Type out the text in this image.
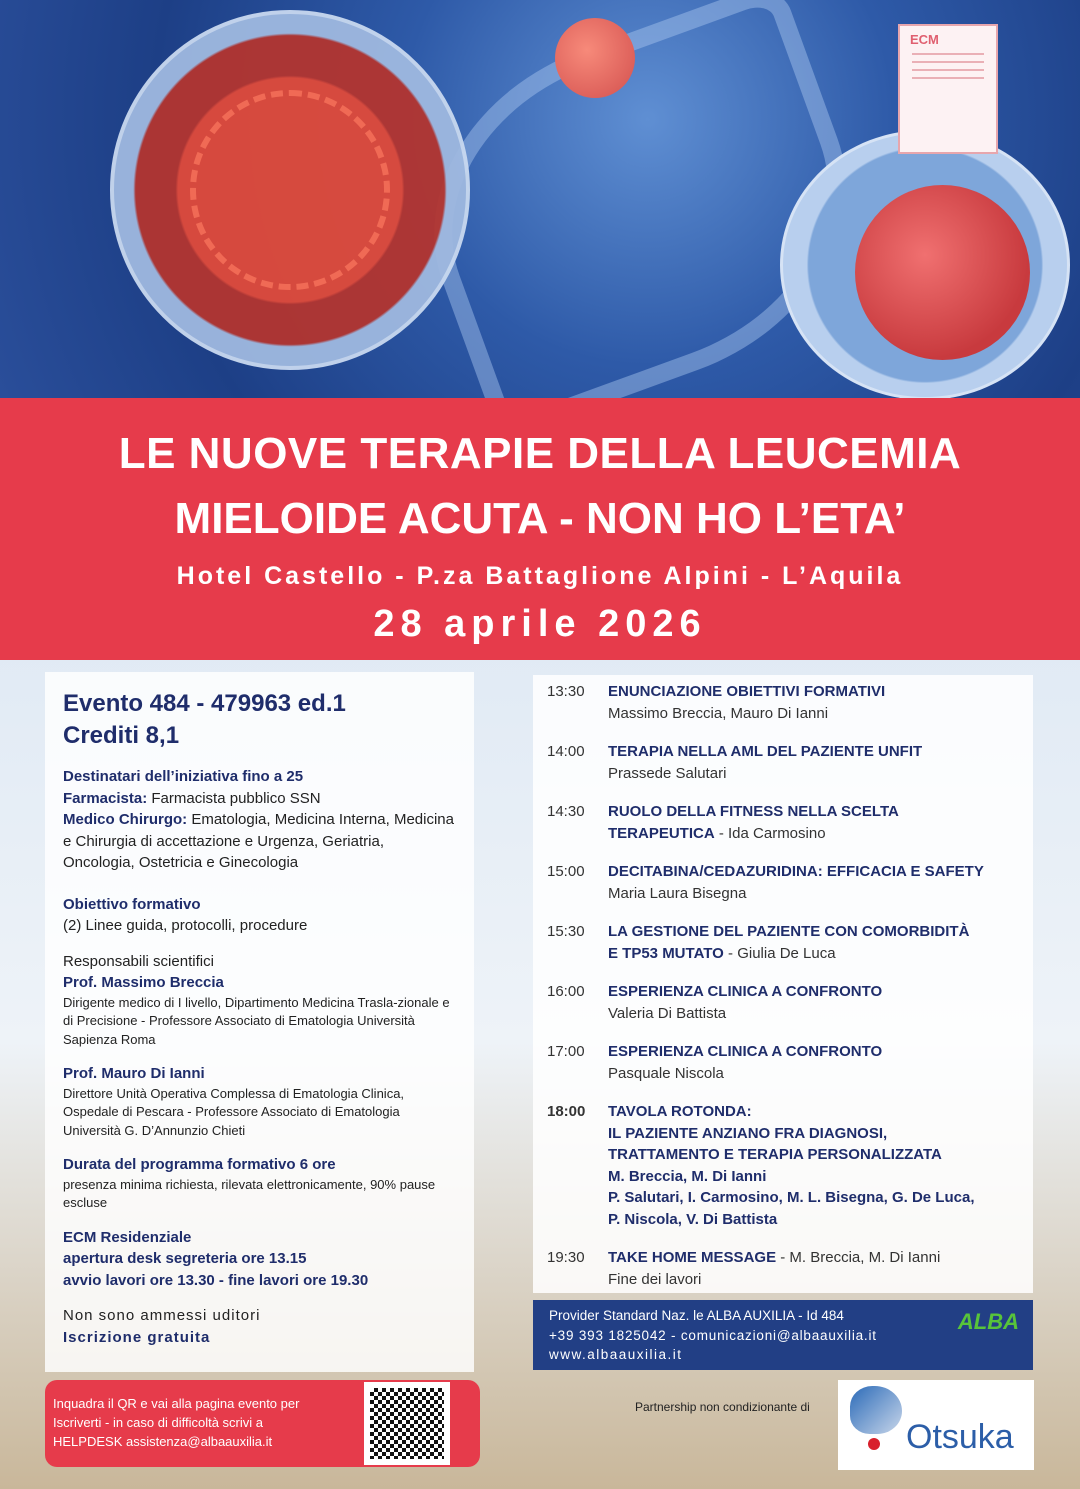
ECM
LE NUOVE TERAPIE DELLA LEUCEMIA
MIELOIDE ACUTA - NON HO L’ETA’
Hotel Castello - P.za Battaglione Alpini - L’Aquila
28 aprile 2026
Evento 484 - 479963 ed.1
Crediti 8,1
Destinatari dell’iniziativa fino a 25
Farmacista: Farmacista pubblico SSN
Medico Chirurgo: Ematologia, Medicina Interna, Medicina e Chirurgia di accettazione e Urgenza, Geriatria, Oncologia, Ostetricia e Ginecologia
Obiettivo formativo
(2) Linee guida, protocolli, procedure
Responsabili scientifici
Prof. Massimo Breccia
Dirigente medico di I livello, Dipartimento Medicina Trasla-zionale e di Precisione - Professore Associato di Ematologia Università Sapienza Roma
Prof. Mauro Di Ianni
Direttore Unità Operativa Complessa di Ematologia Clinica, Ospedale di Pescara - Professore Associato di Ematologia Università G. D’Annunzio Chieti
Durata del programma formativo 6 ore
presenza minima richiesta, rilevata elettronicamente, 90% pause escluse
ECM Residenziale
apertura desk segreteria ore 13.15
avvio lavori ore 13.30 - fine lavori ore 19.30
Non sono ammessi uditori
Iscrizione gratuita
13:30	ENUNCIAZIONE OBIETTIVI FORMATIVI
Massimo Breccia, Mauro Di Ianni
14:00	TERAPIA NELLA AML DEL PAZIENTE UNFIT
Prassede Salutari
14:30	RUOLO DELLA FITNESS NELLA SCELTA
TERAPEUTICA - Ida Carmosino
15:00	DECITABINA/CEDAZURIDINA: EFFICACIA E SAFETY
Maria Laura Bisegna
15:30	LA GESTIONE DEL PAZIENTE CON COMORBIDITÀ
E TP53 MUTATO - Giulia De Luca
16:00	ESPERIENZA CLINICA A CONFRONTO
Valeria Di Battista
17:00	ESPERIENZA CLINICA A CONFRONTO
Pasquale Niscola
18:00	TAVOLA ROTONDA:
IL PAZIENTE ANZIANO FRA DIAGNOSI,
TRATTAMENTO E TERAPIA PERSONALIZZATA
M. Breccia, M. Di Ianni
P. Salutari, I. Carmosino, M. L. Bisegna, G. De Luca,
P. Niscola, V. Di Battista
19:30	TAKE HOME MESSAGE - M. Breccia, M. Di Ianni
Fine dei lavori
Provider Standard Naz. le ALBA AUXILIA - Id 484
+39 393 1825042 - comunicazioni@albaauxilia.it
www.albaauxilia.it
ALBA
Inquadra il QR e vai alla pagina evento per
Iscriverti - in caso di difficoltà scrivi a
HELPDESK assistenza@albaauxilia.it
Partnership non condizionante di
Otsuka
